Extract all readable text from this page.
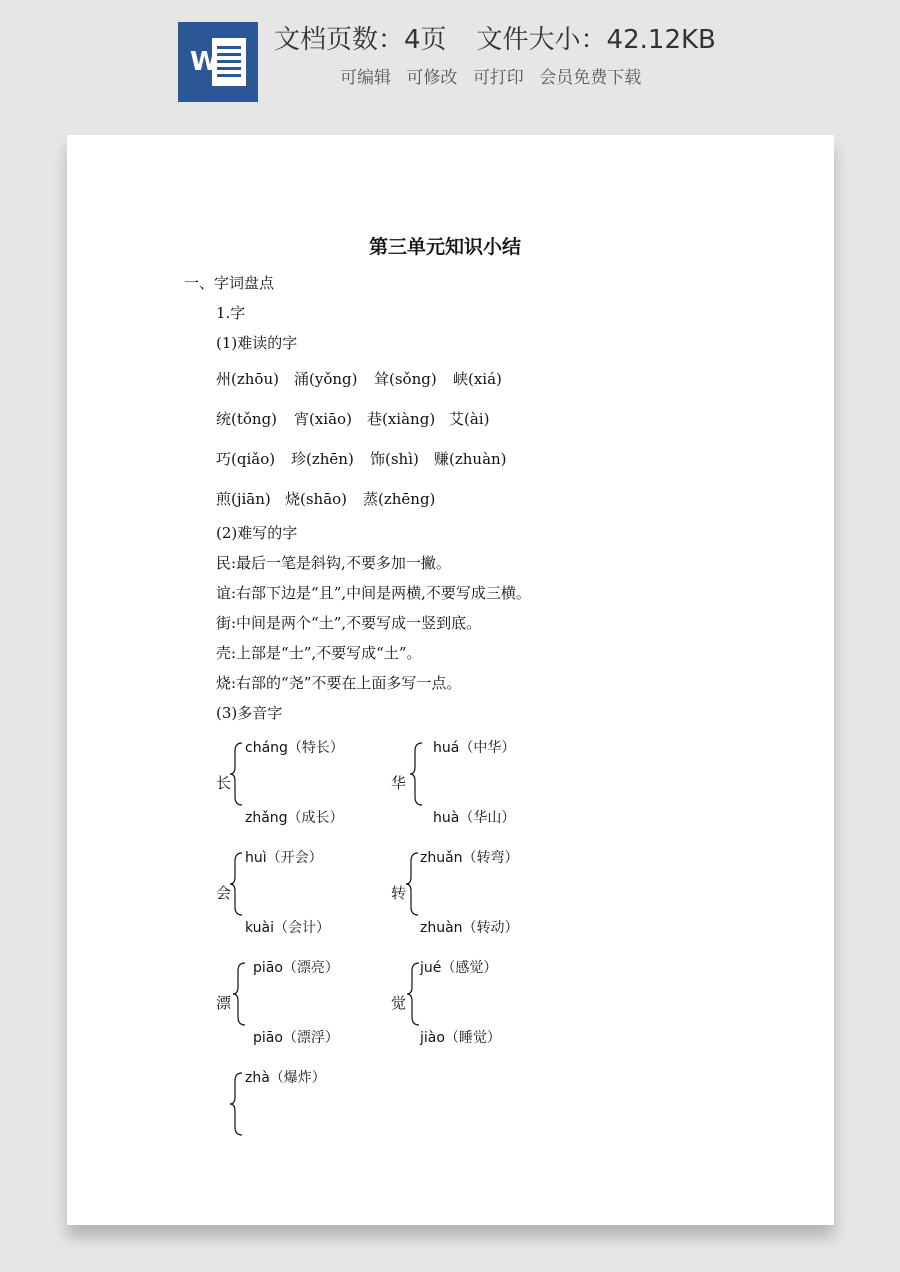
W
文档页数：4页 文件大小：42.12KB
可编辑 可修改 可打印 会员免费下载
第三单元知识小结
一、字词盘点
1.字
(1)难读的字
州(zhōu) 涌(yǒng) 耸(sǒng) 峡(xiá)
统(tǒng) 宵(xiāo) 巷(xiàng) 艾(ài)
巧(qiǎo) 珍(zhēn) 饰(shì) 赚(zhuàn)
煎(jiān) 烧(shāo) 蒸(zhēng)
(2)难写的字
民:最后一笔是斜钩,不要多加一撇。
谊:右部下边是“且”,中间是两横,不要写成三横。
街:中间是两个“土”,不要写成一竖到底。
壳:上部是“士”,不要写成“土”。
烧:右部的“尧”不要在上面多写一点。
(3)多音字
长
cháng（特长）
zhǎng（成长）
华
huá（中华）
huà（华山）
会
huì（开会）
kuài（会计）
转
zhuǎn（转弯）
zhuàn（转动）
漂
piāo（漂亮）
piāo（漂浮）
觉
jué（感觉）
jiào（睡觉）
zhà（爆炸）
